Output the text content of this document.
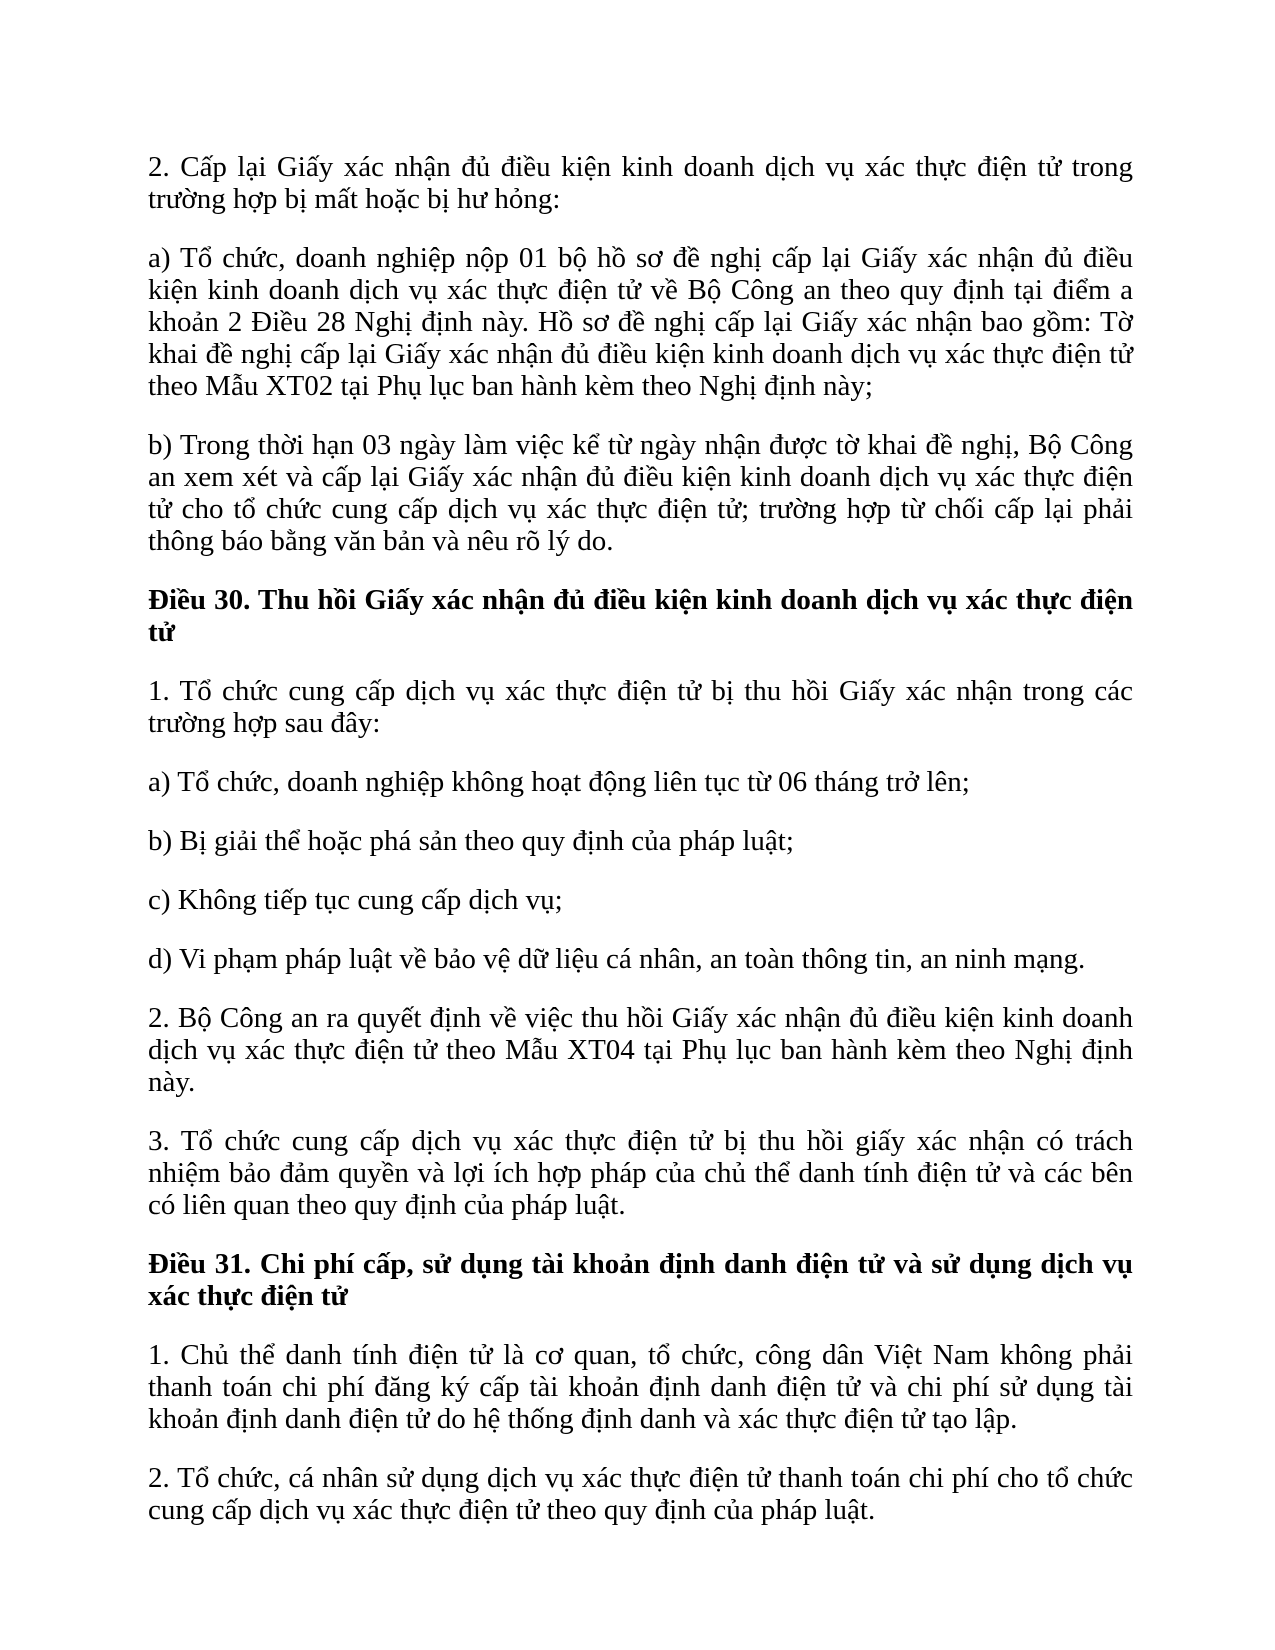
2. Cấp lại Giấy xác nhận đủ điều kiện kinh doanh dịch vụ xác thực điện tử trong trường hợp bị mất hoặc bị hư hỏng:

a) Tổ chức, doanh nghiệp nộp 01 bộ hồ sơ đề nghị cấp lại Giấy xác nhận đủ điều kiện kinh doanh dịch vụ xác thực điện tử về Bộ Công an theo quy định tại điểm a khoản 2 Điều 28 Nghị định này. Hồ sơ đề nghị cấp lại Giấy xác nhận bao gồm: Tờ khai đề nghị cấp lại Giấy xác nhận đủ điều kiện kinh doanh dịch vụ xác thực điện tử theo Mẫu XT02 tại Phụ lục ban hành kèm theo Nghị định này;

b) Trong thời hạn 03 ngày làm việc kể từ ngày nhận được tờ khai đề nghị, Bộ Công an xem xét và cấp lại Giấy xác nhận đủ điều kiện kinh doanh dịch vụ xác thực điện tử cho tổ chức cung cấp dịch vụ xác thực điện tử; trường hợp từ chối cấp lại phải thông báo bằng văn bản và nêu rõ lý do.

Điều 30. Thu hồi Giấy xác nhận đủ điều kiện kinh doanh dịch vụ xác thực điện tử

1. Tổ chức cung cấp dịch vụ xác thực điện tử bị thu hồi Giấy xác nhận trong các trường hợp sau đây:

a) Tổ chức, doanh nghiệp không hoạt động liên tục từ 06 tháng trở lên;

b) Bị giải thể hoặc phá sản theo quy định của pháp luật;

c) Không tiếp tục cung cấp dịch vụ;

d) Vi phạm pháp luật về bảo vệ dữ liệu cá nhân, an toàn thông tin, an ninh mạng.

2. Bộ Công an ra quyết định về việc thu hồi Giấy xác nhận đủ điều kiện kinh doanh dịch vụ xác thực điện tử theo Mẫu XT04 tại Phụ lục ban hành kèm theo Nghị định này.

3. Tổ chức cung cấp dịch vụ xác thực điện tử bị thu hồi giấy xác nhận có trách nhiệm bảo đảm quyền và lợi ích hợp pháp của chủ thể danh tính điện tử và các bên có liên quan theo quy định của pháp luật.

Điều 31. Chi phí cấp, sử dụng tài khoản định danh điện tử và sử dụng dịch vụ xác thực điện tử

1. Chủ thể danh tính điện tử là cơ quan, tổ chức, công dân Việt Nam không phải thanh toán chi phí đăng ký cấp tài khoản định danh điện tử và chi phí sử dụng tài khoản định danh điện tử do hệ thống định danh và xác thực điện tử tạo lập.

2. Tổ chức, cá nhân sử dụng dịch vụ xác thực điện tử thanh toán chi phí cho tổ chức cung cấp dịch vụ xác thực điện tử theo quy định của pháp luật.
